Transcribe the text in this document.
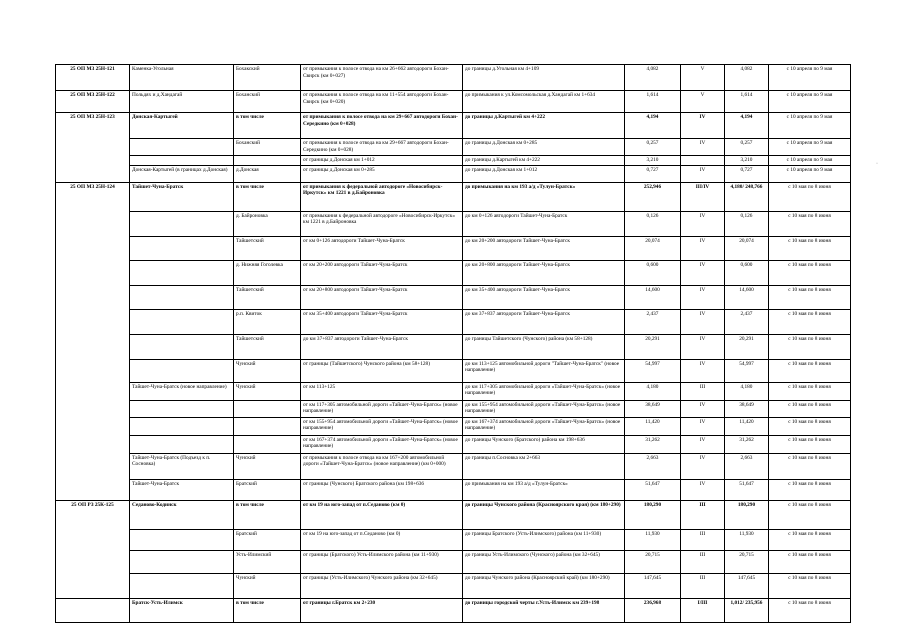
25 ОП МЗ 25Н-121	Каменка-Угольная	Бохакский	от примыкания к полосе отвода на км 26+662 автодороги Бохан-Свирск (км 0+027)	до границы д.Угольная км 4+109	4,082	V	4,082	с 10 апреля по 9 мая
25 ОП МЗ 25Н-122	Польдях и д.Хандагай	Боханский	от примыкания к полосе отвода на км 11+554 автодороги Бохан-Свирск (км 0+020)	до примыкания к ул.Комсомольская д.Хандагай км 1+634	1,614	V	1,614	с 10 апреля по 9 мая
25 ОП МЗ 25Н-123	Донская-Картыгей	в том числе	от примыкания к полосе отвода на км 29+667 автодороги Бохан-Середкино (км 0+028)	до границы д.Картыгей км 4+222	4,194	IV	4,194	с 10 апреля по 9 мая
		Боханский	от примыкания к полосе отвода на км 29+667 автодороги Бохан-Середкино (км 0+028)	до границы д.Донская км 0+285	0,257	IV	0,257	с 10 апреля по 9 мая
			от границы д.Донская км 1+012	до границы д.Картыгей км 4+222	3,210		3,210	с 10 апреля по 9 мая
	Донская-Картыгей (в границах д.Донская)	д.Донская	от границы д.Донская км 0+285	до границы д.Донская км 1+012	0,727	IV	0,727	с 10 апреля по 9 мая
25 ОП МЗ 25Н-124	Тайшет-Чуна-Братск	в том числе	от примыкания к федеральной автодороге «Новосибирск-Иркутск» км 1221 в д.Байроновка	до примыкания на км 193 а/д «Тулун-Братск»	252,946	III/IV	4,180/ 248,766	с 10 мая по 8 июня
		д. Байроновка	от примыкания к федеральной автодороге «Новосибирск-Иркутск» км 1221 в д.Байроновка	до км 0+126 автодороги Тайшет-Чуна-Братск	0,126	IV	0,126	с 10 мая по 8 июня
		Тайшетский	от км 0+126 автодороги Тайшет-Чуна-Братск	до км 20+200 автодороги Тайшет-Чуна-Братск	20,074	IV	20,074	с 10 мая по 8 июня
		д. Нижняя Гоголевка	от км 20+200 автодороги Тайшет-Чуна-Братск	до км 20+800 автодороги Тайшет-Чуна-Братск	0,600	IV	0,600	с 10 мая по 8 июня
		Тайшетский	от км 20+800 автодороги Тайшет-Чуна-Братск	до км 35+400 автодороги Тайшет-Чуна-Братск	14,600	IV	14,600	с 10 мая по 8 июня
		р.п. Квиток	от км 35+400 автодороги Тайшет-Чуна-Братск	до км 37+837 автодороги Тайшет-Чуна-Братск	2,437	IV	2,437	с 10 мая по 8 июня
		Тайшетский	до км 37+837 автодороги Тайшет-Чуна-Братск	до границы Тайшетского (Чунского) района (км 58+128)	20,291	IV	20,291	с 10 мая по 8 июня
		Чунский	от границы (Тайшетского) Чунского района (км 58+128)	до км 113+125 автомобильной дороги "Тайшет-Чуна-Братск" (новое направление)	54,997	IV	54,997	с 10 мая по 8 июня
	Тайшет-Чуна-Братск (новое направление)	Чунский	от км 113+125	до км 117+305 автомобильной дороги «Тайшет-Чуна-Братск» (новое направление)	4,180	III	4,180	с 10 мая по 8 июня
			от км 117+305 автомобильной дороги «Тайшет-Чуна-Братск» (новое направление)	до км 155+954 автомобильной дороги «Тайшет-Чуна-Братск» (новое направление)	38,649	IV	38,649	с 10 мая по 8 июня
			от км 155+954 автомобильной дороги «Тайшет-Чуна-Братск» (новое направление)	до км 167+374 автомобильной дороги «Тайшет-Чуна-Братск» (новое направление)	11,420	IV	11,420	с 10 мая по 8 июня
			от км 167+374 автомобильной дороги «Тайшет-Чуна-Братск» (новое направление)	до границы Чунского (Братского) района км 198+636	31,262	IV	31,262	с 10 мая по 8 июня
	Тайшет-Чуна-Братск (Подъезд к п. Сосновка)	Чунский	от примыкания к полосе отвода на км 167+200 автомобильной дороги «Тайшет-Чуна-Братск» (новое направление) (км 0+000)	до границы п.Сосновка км 2+663	2,663	IV	2,663	с 10 мая по 8 июня
	Тайшет-Чуна-Братск	Братский	от границы (Чунского) Братского района (км 198+636	до примыкания на км 193 а/д «Тулун-Братск»	51,647	IV	51,647	с 10 мая по 8 июня
25 ОП РЗ 25К-125	Седаново-Кодинск	в том числе	от км 19 на юго-запад от п.Седаново (км 0)	до границы Чунского района (Красноярского края) (км 180+290)	180,290	III	180,290	с 10 мая по 8 июня
		Братский	от км 19 на юго-запад от п.Седаново (км 0)	до границы Братского (Усть-Илимского) района (км 11+930)	11,930	III	11,930	с 10 мая по 8 июня
		Усть-Илимский	от границы (Братского) Усть-Илимского района (км 11+930)	до границы Усть-Илимского (Чунского) района (км 32+645)	20,715	III	20,715	с 10 мая по 8 июня
		Чунский	от границы (Усть-Илимского) Чунского района (км 32+645)	до границы Чунского района (Красноярский край) (км 180+290)	147,645	III	147,645	с 10 мая по 8 июня
	Братск-Усть-Илимск	в том числе	от границы г.Братск км 2+230	до границы городской черты г.Усть-Илимск км 239+198	236,968	I/III	1,012/ 235,956	с 10 мая по 8 июня
·
